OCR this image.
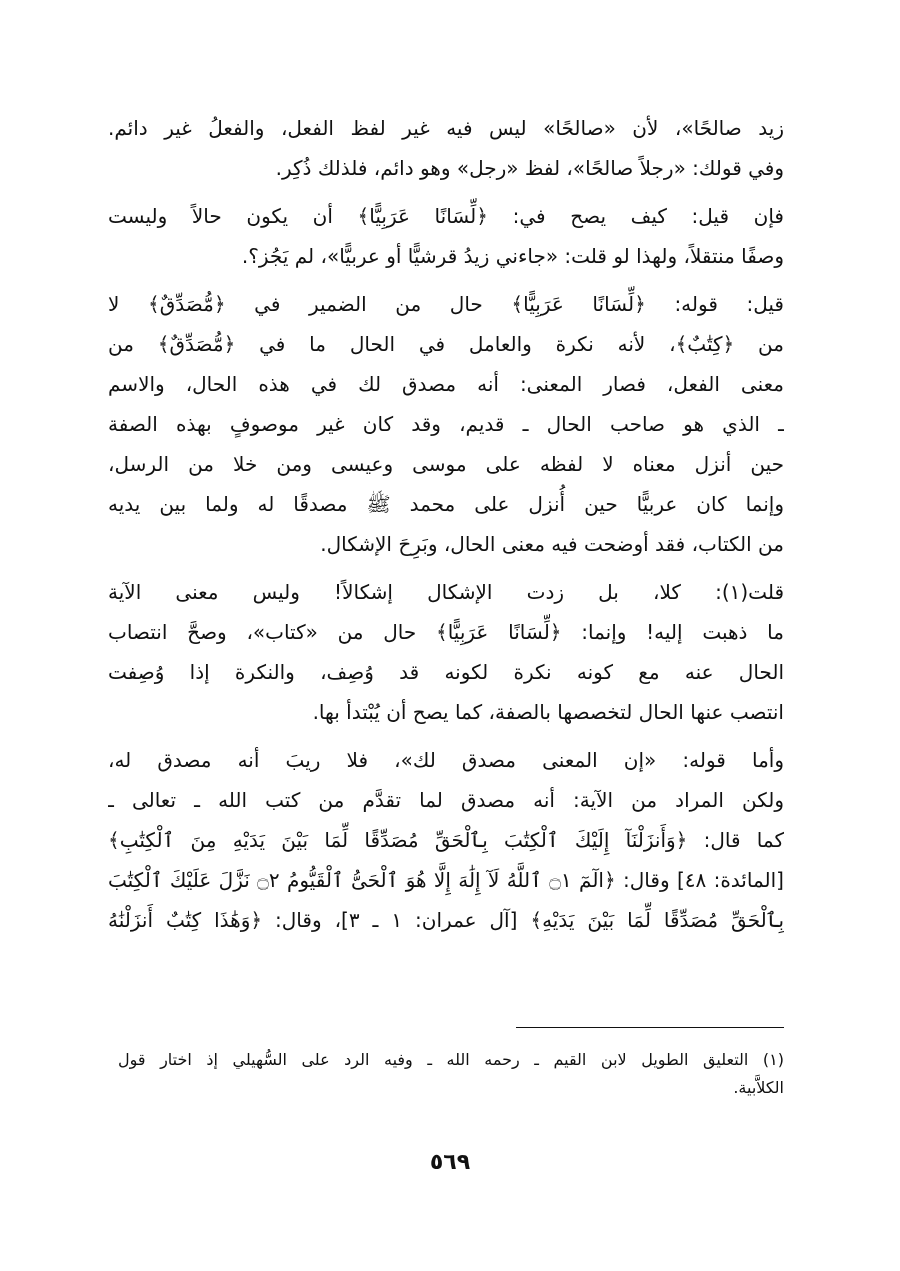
زيد صالحًا»، لأن «صالحًا» ليس فيه غير لفظ الفعل، والفعلُ غير دائم.
وفي قولك: «رجلاً صالحًا»، لفظ «رجل» وهو دائم، فلذلك ذُكِر.
فإن قيل: كيف يصح في: ﴿لِّسَانًا عَرَبِيًّا﴾ أن يكون حالاً وليست
وصفًا منتقلاً، ولهذا لو قلت: «جاءني زيدُ قرشيًّا أو عربيًّا»، لم يَجُز؟.
قيل: قوله: ﴿لِّسَانًا عَرَبِيًّا﴾ حال من الضمير في ﴿مُّصَدِّقٌ﴾ لا
من ﴿كِتَٰبٌ﴾، لأنه نكرة والعامل في الحال ما في ﴿مُّصَدِّقٌ﴾ من
معنى الفعل، فصار المعنى: أنه مصدق لك في هذه الحال، والاسم
ـ الذي هو صاحب الحال ـ قديم، وقد كان غير موصوفٍ بهذه الصفة
حين أنزل معناه لا لفظه على موسى وعيسى ومن خلا من الرسل،
وإنما كان عربيًّا حين أُنزل على محمد ﷺ مصدقًا له ولما بين يديه
من الكتاب، فقد أوضحت فيه معنى الحال، وبَرِحَ الإشكال.
قلت(١): كلا، بل زدت الإشكال إشكالاً! وليس معنى الآية
ما ذهبت إليه! وإنما: ﴿لِّسَانًا عَرَبِيًّا﴾ حال من «كتاب»، وصحَّ انتصاب
الحال عنه مع كونه نكرة لكونه قد وُصِف، والنكرة إذا وُصِفت
انتصب عنها الحال لتخصصها بالصفة، كما يصح أن يُبْتدأ بها.
وأما قوله: «إن المعنى مصدق لك»، فلا ريبَ أنه مصدق له،
ولكن المراد من الآية: أنه مصدق لما تقدَّم من كتب الله ـ تعالى ـ
كما قال: ﴿وَأَنزَلْنَآ إِلَيْكَ ٱلْكِتَٰبَ بِٱلْحَقِّ مُصَدِّقًا لِّمَا بَيْنَ يَدَيْهِ مِنَ ٱلْكِتَٰبِ﴾
[المائدة: ٤٨] وقال: ﴿الٓمٓ ۝١ ٱللَّهُ لَآ إِلَٰهَ إِلَّا هُوَ ٱلْحَىُّ ٱلْقَيُّومُ ۝٢ نَزَّلَ عَلَيْكَ ٱلْكِتَٰبَ
بِٱلْحَقِّ مُصَدِّقًا لِّمَا بَيْنَ يَدَيْهِ﴾ [آل عمران: ١ ـ ٣]، وقال: ﴿وَهَٰذَا كِتَٰبٌ أَنزَلْنَٰهُ
(١) التعليق الطويل لابن القيم ـ رحمه الله ـ وفيه الرد على السُّهيلي إذ اختار قول
الكلاَّبية.
٥٦٩
